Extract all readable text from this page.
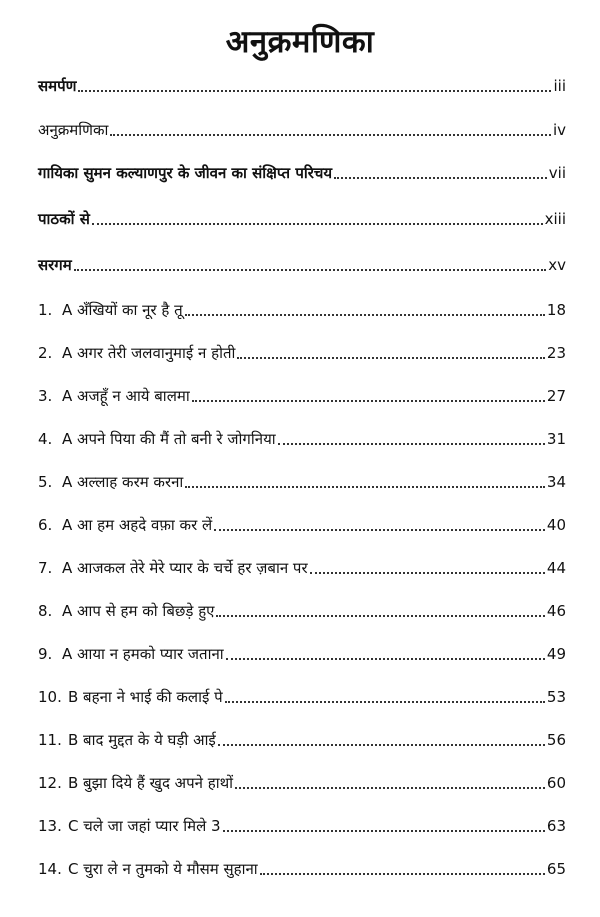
अनुक्रमणिका
समर्पण	iii
अनुक्रमणिका	iv
गायिका सुमन कल्याणपुर के जीवन का संक्षिप्त परिचय	vii
पाठकों से	xiii
सरगम	xv
1. A अँखियों का नूर है तू	18
2. A अगर तेरी जलवानुमाई न होती	23
3. A अजहूँ न आये बालमा	27
4. A अपने पिया की मैं तो बनी रे जोगनिया	31
5. A अल्लाह करम करना	34
6. A आ हम अहदे वफ़ा कर लें	40
7. A आजकल तेरे मेरे प्यार के चर्चे हर ज़बान पर	44
8. A आप से हम को बिछड़े हुए	46
9. A आया न हमको प्यार जताना	49
10. B बहना ने भाई की कलाई पे	53
11. B बाद मुद्दत के ये घड़ी आई	56
12. B बुझा दिये हैं खुद अपने हाथों	60
13. C चले जा जहां प्यार मिले 3	63
14. C चुरा ले न तुमको ये मौसम सुहाना	65
